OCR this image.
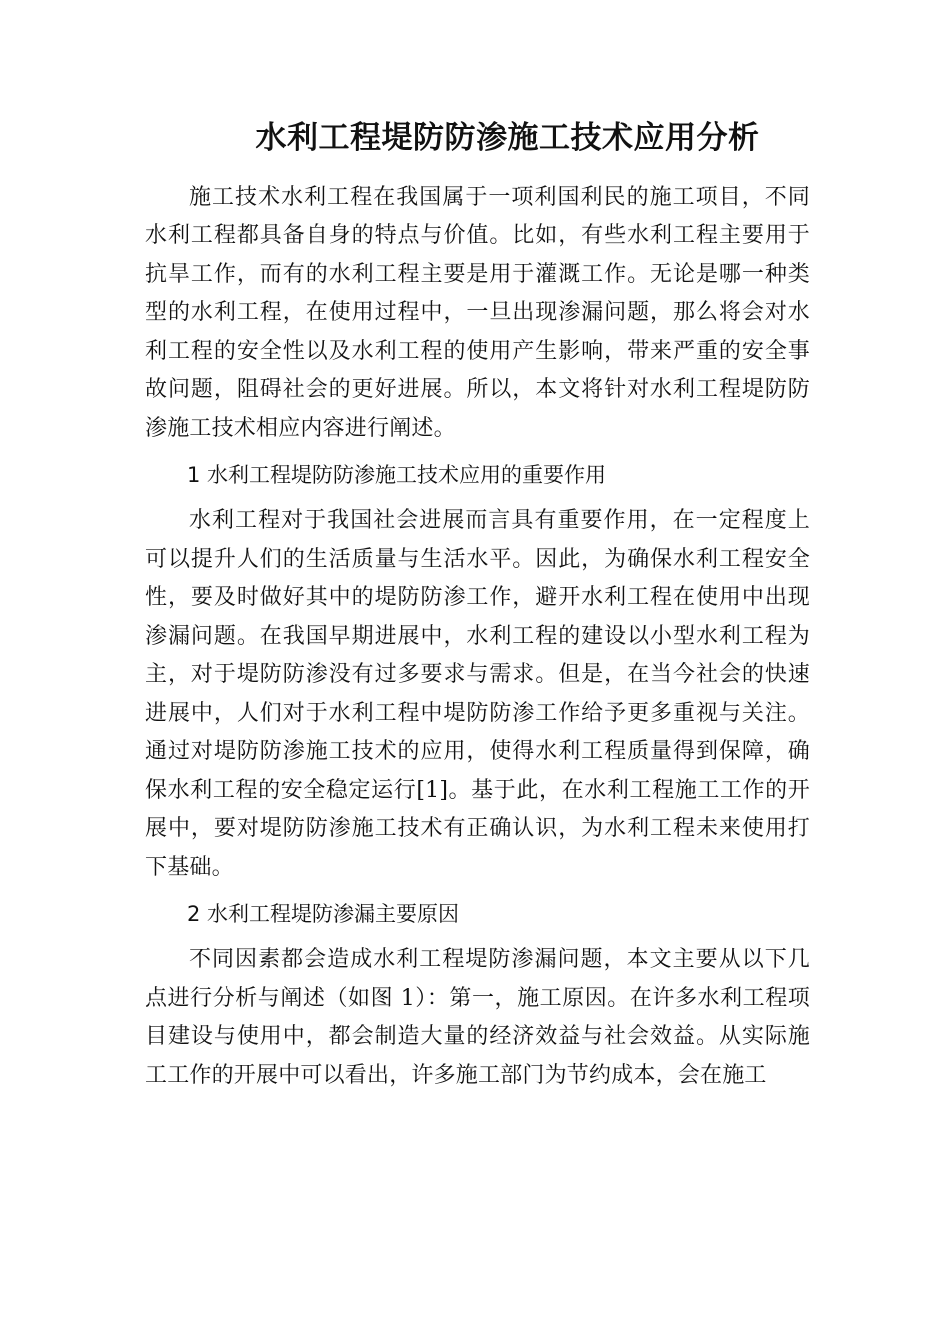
水利工程堤防防渗施工技术应用分析

施工技术水利工程在我国属于一项利国利民的施工项目，不同水利工程都具备自身的特点与价值。比如，有些水利工程主要用于抗旱工作，而有的水利工程主要是用于灌溉工作。无论是哪一种类型的水利工程，在使用过程中，一旦出现渗漏问题，那么将会对水利工程的安全性以及水利工程的使用产生影响，带来严重的安全事故问题，阻碍社会的更好进展。所以，本文将针对水利工程堤防防渗施工技术相应内容进行阐述。

1 水利工程堤防防渗施工技术应用的重要作用

水利工程对于我国社会进展而言具有重要作用，在一定程度上可以提升人们的生活质量与生活水平。因此，为确保水利工程安全性，要及时做好其中的堤防防渗工作，避开水利工程在使用中出现渗漏问题。在我国早期进展中，水利工程的建设以小型水利工程为主，对于堤防防渗没有过多要求与需求。但是，在当今社会的快速进展中，人们对于水利工程中堤防防渗工作给予更多重视与关注。通过对堤防防渗施工技术的应用，使得水利工程质量得到保障，确保水利工程的安全稳定运行[1]。基于此，在水利工程施工工作的开展中，要对堤防防渗施工技术有正确认识，为水利工程未来使用打下基础。

2 水利工程堤防渗漏主要原因

不同因素都会造成水利工程堤防渗漏问题，本文主要从以下几点进行分析与阐述（如图 1）：第一，施工原因。在许多水利工程项目建设与使用中，都会制造大量的经济效益与社会效益。从实际施工工作的开展中可以看出，许多施工部门为节约成本，会在施工
